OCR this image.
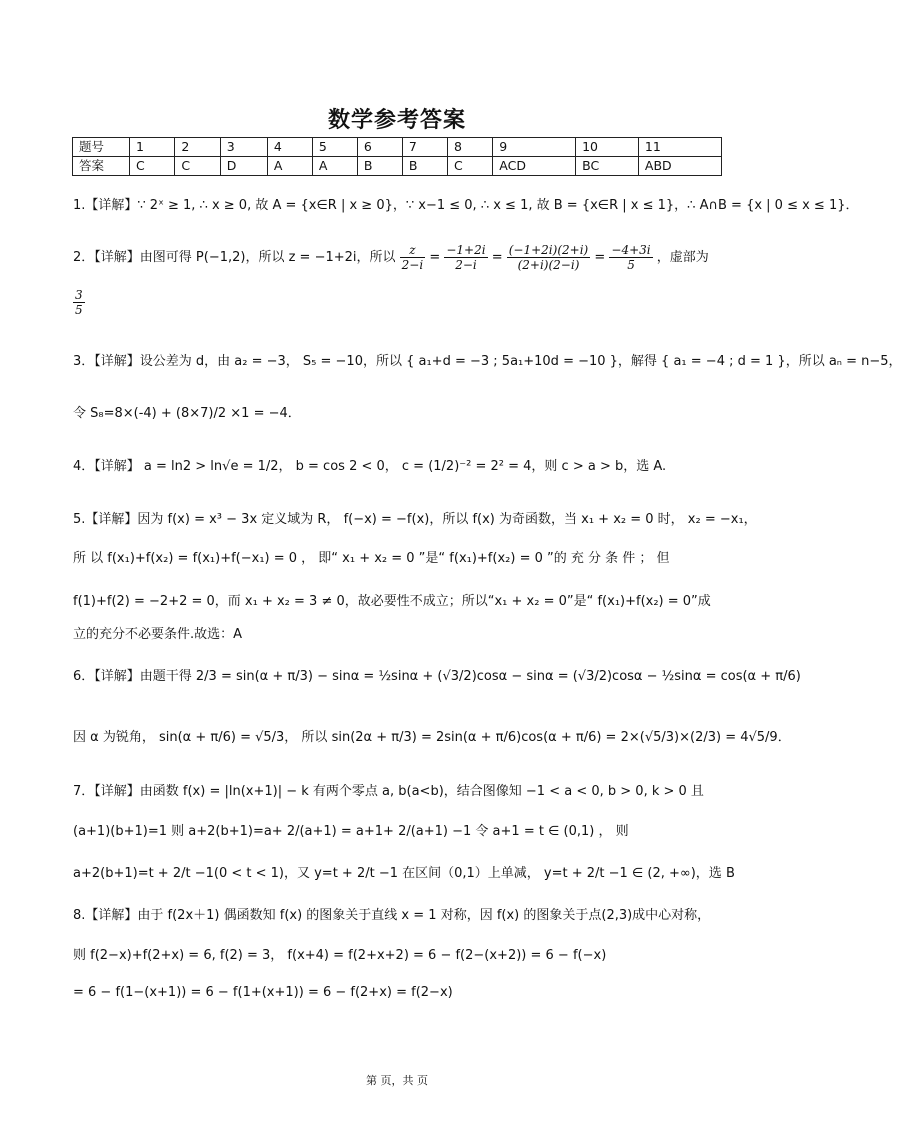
数学参考答案
题号	1	2	3	4	5	6	7	8	9	10	11
答案	C	C	D	A	A	B	B	C	ACD	BC	ABD
1.【详解】∵ 2ˣ ≥ 1, ∴ x ≥ 0, 故 A = {x∈R | x ≥ 0}，∵ x−1 ≤ 0, ∴ x ≤ 1, 故 B = {x∈R | x ≤ 1}，∴ A∩B = {x | 0 ≤ x ≤ 1}．
2．【详解】由图可得 P(−1,2)，所以 z = −1+2i，所以 $\frac{z}{2-i} = \frac{-1+2i}{2-i} = \frac{(-1+2i)(2+i)}{(2+i)(2-i)} = \frac{-4+3i}{5}$ ，虚部为
$\frac{3}{5}$
3．【详解】设公差为 d，由 a₂ = −3， S₅ = −10，所以 { a₁+d = −3 ; 5a₁+10d = −10 }，解得 { a₁ = −4 ; d = 1 }，所以 aₙ = n−5，
令 S₈=8×(-4) + (8×7)/2 ×1 = −4．
4．【详解】 a = ln2 > ln√e = 1/2， b = cos 2 < 0， c = (1/2)⁻² = 2² = 4，则 c > a > b，选 A.
5.【详解】因为 f(x) = x³ − 3x 定义域为 R， f(−x) = −f(x)，所以 f(x) 为奇函数，当 x₁ + x₂ = 0 时， x₂ = −x₁，
所 以 f(x₁)+f(x₂) = f(x₁)+f(−x₁) = 0 ， 即“ x₁ + x₂ = 0 ”是“ f(x₁)+f(x₂) = 0 ”的 充 分 条 件 ； 但
f(1)+f(2) = −2+2 = 0，而 x₁ + x₂ = 3 ≠ 0，故必要性不成立；所以“x₁ + x₂ = 0”是“ f(x₁)+f(x₂) = 0”成
立的充分不必要条件.故选：A
6．【详解】由题干得 2/3 = sin(α + π/3) − sinα = ½sinα + (√3/2)cosα − sinα = (√3/2)cosα − ½sinα = cos(α + π/6)
因 α 为锐角， sin(α + π/6) = √5/3， 所以 sin(2α + π/3) = 2sin(α + π/6)cos(α + π/6) = 2×(√5/3)×(2/3) = 4√5/9．
7．【详解】由函数 f(x) = |ln(x+1)| − k 有两个零点 a, b(a<b)，结合图像知 −1 < a < 0, b > 0, k > 0 且
(a+1)(b+1)=1 则 a+2(b+1)=a+ 2/(a+1) = a+1+ 2/(a+1) −1 令 a+1 = t ∈ (0,1) ， 则
a+2(b+1)=t + 2/t −1(0 < t < 1)，又 y=t + 2/t −1 在区间（0,1）上单减， y=t + 2/t −1 ∈ (2, +∞)，选 B
8.【详解】由于 f(2x＋1) 偶函数知 f(x) 的图象关于直线 x = 1 对称，因 f(x) 的图象关于点(2,3)成中心对称，
则 f(2−x)+f(2+x) = 6, f(2) = 3， f(x+4) = f(2+x+2) = 6 − f(2−(x+2)) = 6 − f(−x)
= 6 − f(1−(x+1)) = 6 − f(1+(x+1)) = 6 − f(2+x) = f(2−x)
第 页，共 页
